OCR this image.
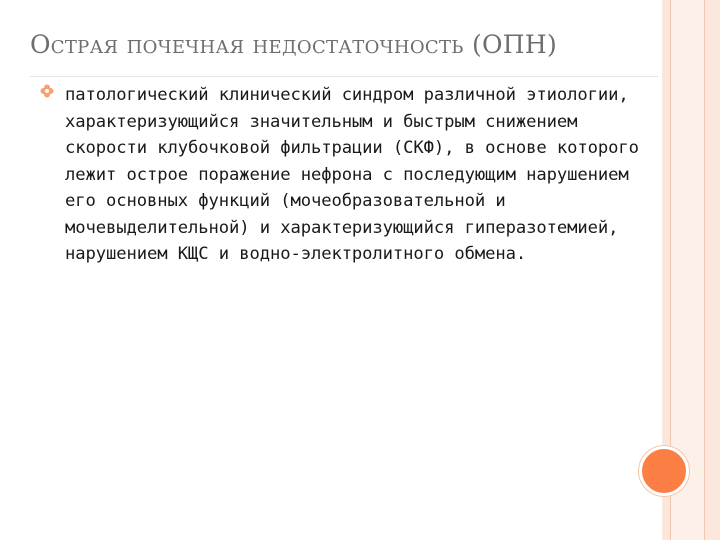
Острая почечная недостаточность (ОПН)
патологический клинический синдром различной этиологии, характеризующийся значительным и быстрым снижением скорости клубочковой фильтрации (СКФ), в основе которого лежит острое поражение нефрона с последующим нарушением его основных функций (мочеобразовательной и мочевыделительной) и характеризующийся гиперазотемией, нарушением КЩС и водно-электролитного обмена.
